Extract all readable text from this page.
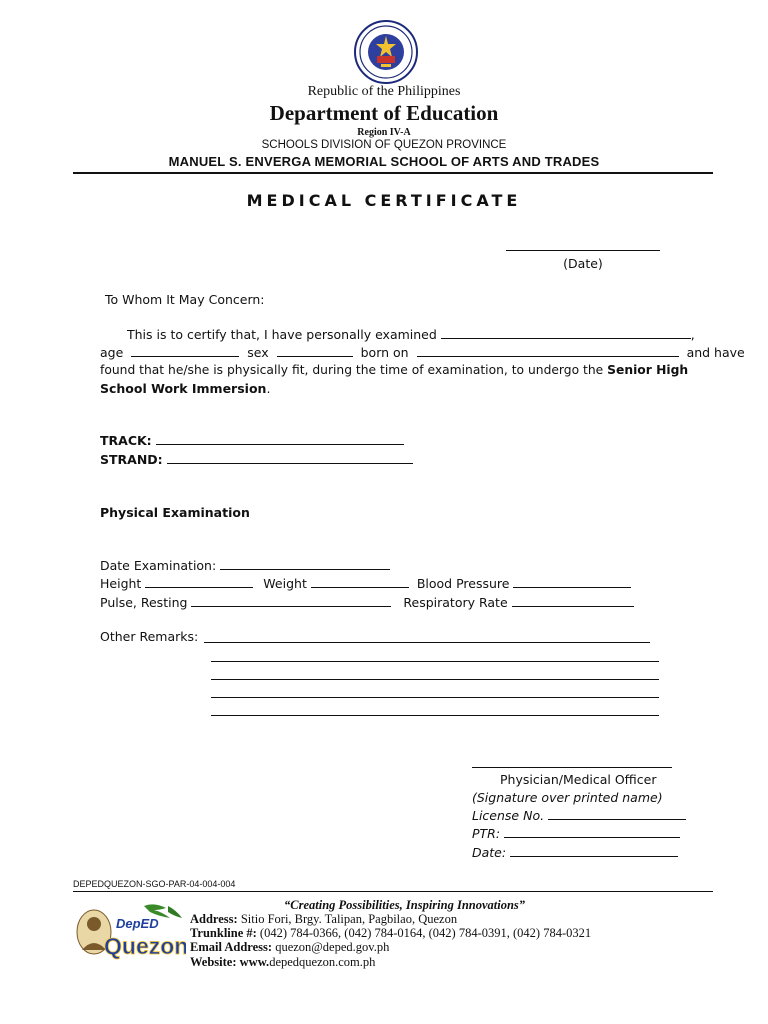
Republic of the Philippines
Department of Education
Region IV-A
SCHOOLS DIVISION OF QUEZON PROVINCE
MANUEL S. ENVERGA MEMORIAL SCHOOL OF ARTS AND TRADES
MEDICAL CERTIFICATE
(Date)
To Whom It May Concern:
This is to certify that, I have personally examined	,
age	sex	born on	and have
found that he/she is physically fit, during the time of examination, to undergo the Senior High
School Work Immersion.
TRACK:
STRAND:
Physical Examination
Date Examination:
Height	Weight	Blood Pressure
Pulse, Resting	Respiratory Rate
Other Remarks:
Physician/Medical Officer
(Signature over printed name)
License No.
PTR:
Date:
DEPEDQUEZON-SGO-PAR-04-004-004
DepED
Quezon
“Creating Possibilities, Inspiring Innovations”
Address: Sitio Fori, Brgy. Talipan, Pagbilao, Quezon
Trunkline #: (042) 784-0366, (042) 784-0164, (042) 784-0391, (042) 784-0321
Email Address: quezon@deped.gov.ph
Website: www.depedquezon.com.ph
